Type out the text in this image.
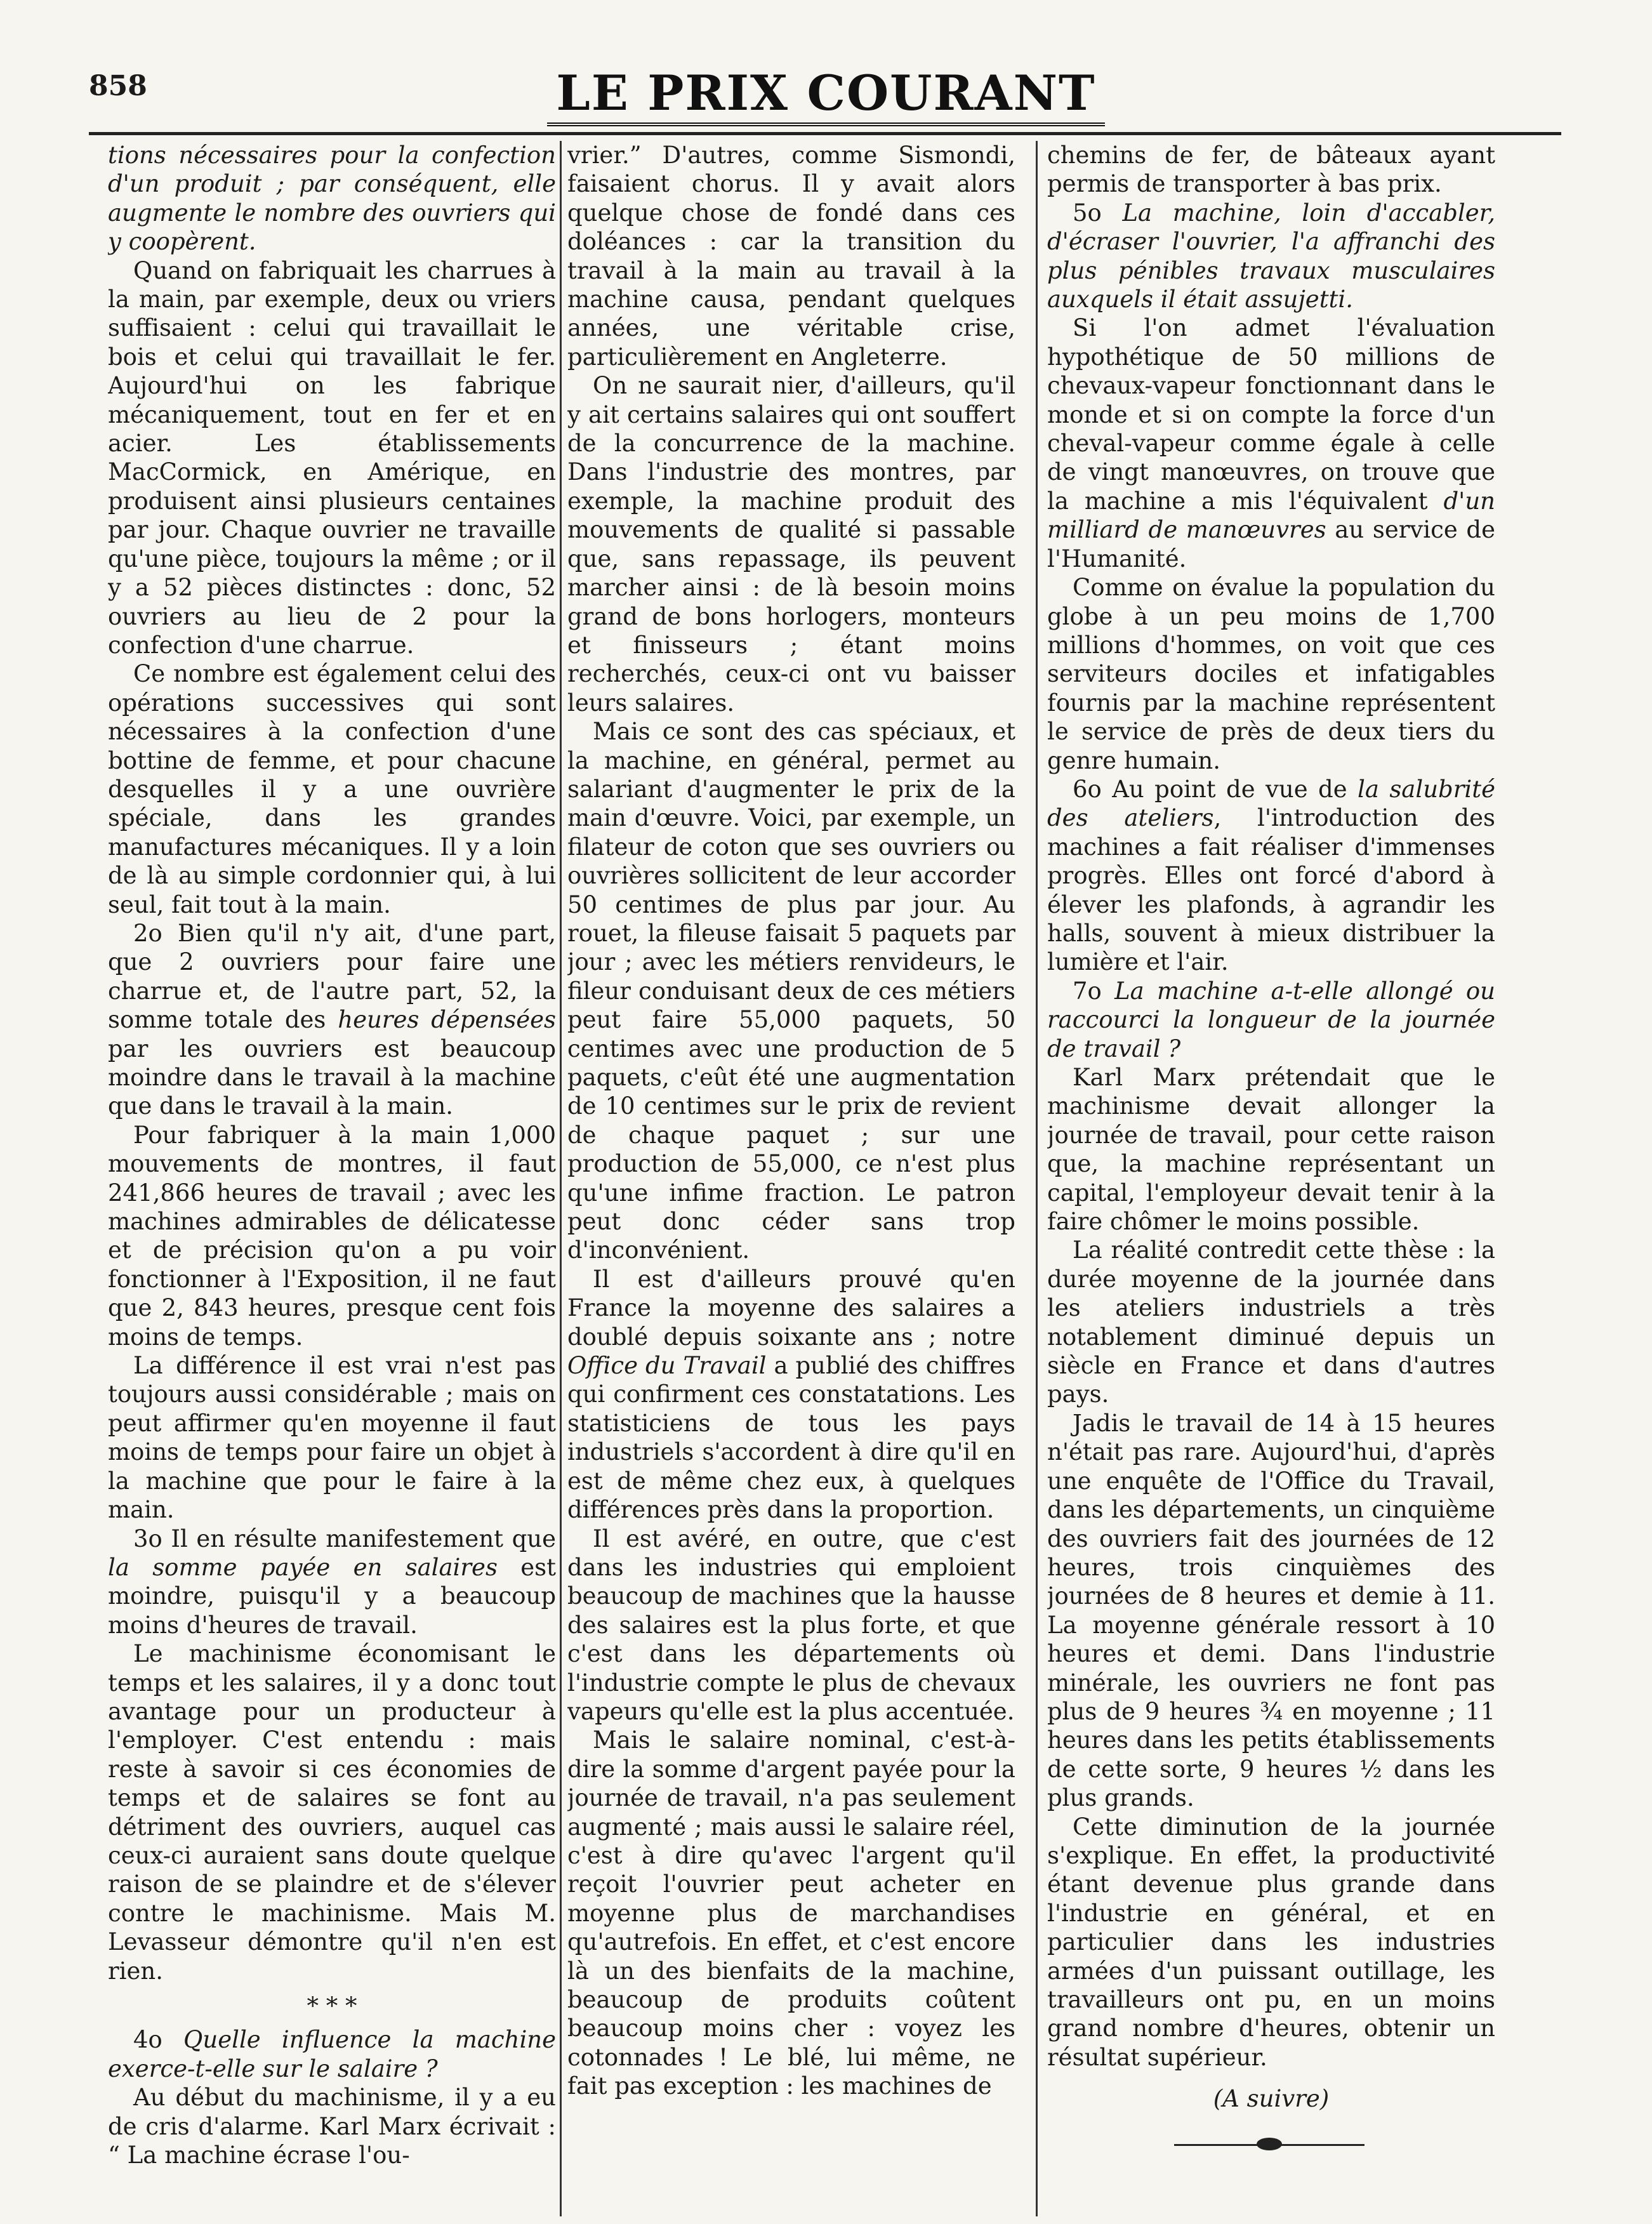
858	LE PRIX COURANT

tions nécessaires pour la confection d'un produit ; par conséquent, elle augmente le nombre des ouvriers qui y coopèrent.

Quand on fabriquait les charrues à la main, par exemple, deux ou vriers suffisaient : celui qui travaillait le bois et celui qui travaillait le fer. Aujourd'hui on les fabrique mécaniquement, tout en fer et en acier. Les établissements MacCormick, en Amérique, en produisent ainsi plusieurs centaines par jour. Chaque ouvrier ne travaille qu'une pièce, toujours la même ; or il y a 52 pièces distinctes : donc, 52 ouvriers au lieu de 2 pour la confection d'une charrue.

Ce nombre est également celui des opérations successives qui sont nécessaires à la confection d'une bottine de femme, et pour chacune desquelles il y a une ouvrière spéciale, dans les grandes manufactures mécaniques. Il y a loin de là au simple cordonnier qui, à lui seul, fait tout à la main.

2o Bien qu'il n'y ait, d'une part, que 2 ouvriers pour faire une charrue et, de l'autre part, 52, la somme totale des heures dépensées par les ouvriers est beaucoup moindre dans le travail à la machine que dans le travail à la main.

Pour fabriquer à la main 1,000 mouvements de montres, il faut 241,866 heures de travail ; avec les machines admirables de délicatesse et de précision qu'on a pu voir fonctionner à l'Exposition, il ne faut que 2, 843 heures, presque cent fois moins de temps.

La différence il est vrai n'est pas toujours aussi considérable ; mais on peut affirmer qu'en moyenne il faut moins de temps pour faire un objet à la machine que pour le faire à la main.

3o Il en résulte manifestement que la somme payée en salaires est moindre, puisqu'il y a beaucoup moins d'heures de travail.

Le machinisme économisant le temps et les salaires, il y a donc tout avantage pour un producteur à l'employer. C'est entendu : mais reste à savoir si ces économies de temps et de salaires se font au détriment des ouvriers, auquel cas ceux-ci auraient sans doute quelque raison de se plaindre et de s'élever contre le machinisme. Mais M. Levasseur démontre qu'il n'en est rien.

* * *

4o Quelle influence la machine exerce-t-elle sur le salaire ?

Au début du machinisme, il y a eu de cris d'alarme. Karl Marx écrivait : “ La machine écrase l'ou-

vrier.” D'autres, comme Sismondi, faisaient chorus. Il y avait alors quelque chose de fondé dans ces doléances : car la transition du travail à la main au travail à la machine causa, pendant quelques années, une véritable crise, particulièrement en Angleterre.

On ne saurait nier, d'ailleurs, qu'il y ait certains salaires qui ont souffert de la concurrence de la machine. Dans l'industrie des montres, par exemple, la machine produit des mouvements de qualité si passable que, sans repassage, ils peuvent marcher ainsi : de là besoin moins grand de bons horlogers, monteurs et finisseurs ; étant moins recherchés, ceux-ci ont vu baisser leurs salaires.

Mais ce sont des cas spéciaux, et la machine, en général, permet au salariant d'augmenter le prix de la main d'œuvre. Voici, par exemple, un filateur de coton que ses ouvriers ou ouvrières sollicitent de leur accorder 50 centimes de plus par jour. Au rouet, la fileuse faisait 5 paquets par jour ; avec les métiers renvideurs, le fileur conduisant deux de ces métiers peut faire 55,000 paquets, 50 centimes avec une production de 5 paquets, c'eût été une augmentation de 10 centimes sur le prix de revient de chaque paquet ; sur une production de 55,000, ce n'est plus qu'une infime fraction. Le patron peut donc céder sans trop d'inconvénient.

Il est d'ailleurs prouvé qu'en France la moyenne des salaires a doublé depuis soixante ans ; notre Office du Travail a publié des chiffres qui confirment ces constatations. Les statisticiens de tous les pays industriels s'accordent à dire qu'il en est de même chez eux, à quelques différences près dans la proportion.

Il est avéré, en outre, que c'est dans les industries qui emploient beaucoup de machines que la hausse des salaires est la plus forte, et que c'est dans les départements où l'industrie compte le plus de chevaux vapeurs qu'elle est la plus accentuée.

Mais le salaire nominal, c'est-à-dire la somme d'argent payée pour la journée de travail, n'a pas seulement augmenté ; mais aussi le salaire réel, c'est à dire qu'avec l'argent qu'il reçoit l'ouvrier peut acheter en moyenne plus de marchandises qu'autrefois. En effet, et c'est encore là un des bienfaits de la machine, beaucoup de produits coûtent beaucoup moins cher : voyez les cotonnades ! Le blé, lui même, ne fait pas exception : les machines de

chemins de fer, de bâteaux ayant permis de transporter à bas prix.

5o La machine, loin d'accabler, d'écraser l'ouvrier, l'a affranchi des plus pénibles travaux musculaires auxquels il était assujetti.

Si l'on admet l'évaluation hypothétique de 50 millions de chevaux-vapeur fonctionnant dans le monde et si on compte la force d'un cheval-vapeur comme égale à celle de vingt manœuvres, on trouve que la machine a mis l'équivalent d'un milliard de manœuvres au service de l'Humanité.

Comme on évalue la population du globe à un peu moins de 1,700 millions d'hommes, on voit que ces serviteurs dociles et infatigables fournis par la machine représentent le service de près de deux tiers du genre humain.

6o Au point de vue de la salubrité des ateliers, l'introduction des machines a fait réaliser d'immenses progrès. Elles ont forcé d'abord à élever les plafonds, à agrandir les halls, souvent à mieux distribuer la lumière et l'air.

7o La machine a-t-elle allongé ou raccourci la longueur de la journée de travail ?

Karl Marx prétendait que le machinisme devait allonger la journée de travail, pour cette raison que, la machine représentant un capital, l'employeur devait tenir à la faire chômer le moins possible.

La réalité contredit cette thèse : la durée moyenne de la journée dans les ateliers industriels a très notablement diminué depuis un siècle en France et dans d'autres pays.

Jadis le travail de 14 à 15 heures n'était pas rare. Aujourd'hui, d'après une enquête de l'Office du Travail, dans les départements, un cinquième des ouvriers fait des journées de 12 heures, trois cinquièmes des journées de 8 heures et demie à 11. La moyenne générale ressort à 10 heures et demi. Dans l'industrie minérale, les ouvriers ne font pas plus de 9 heures ¾ en moyenne ; 11 heures dans les petits établissements de cette sorte, 9 heures ½ dans les plus grands.

Cette diminution de la journée s'explique. En effet, la productivité étant devenue plus grande dans l'industrie en général, et en particulier dans les industries armées d'un puissant outillage, les travailleurs ont pu, en un moins grand nombre d'heures, obtenir un résultat supérieur.

(A suivre)
